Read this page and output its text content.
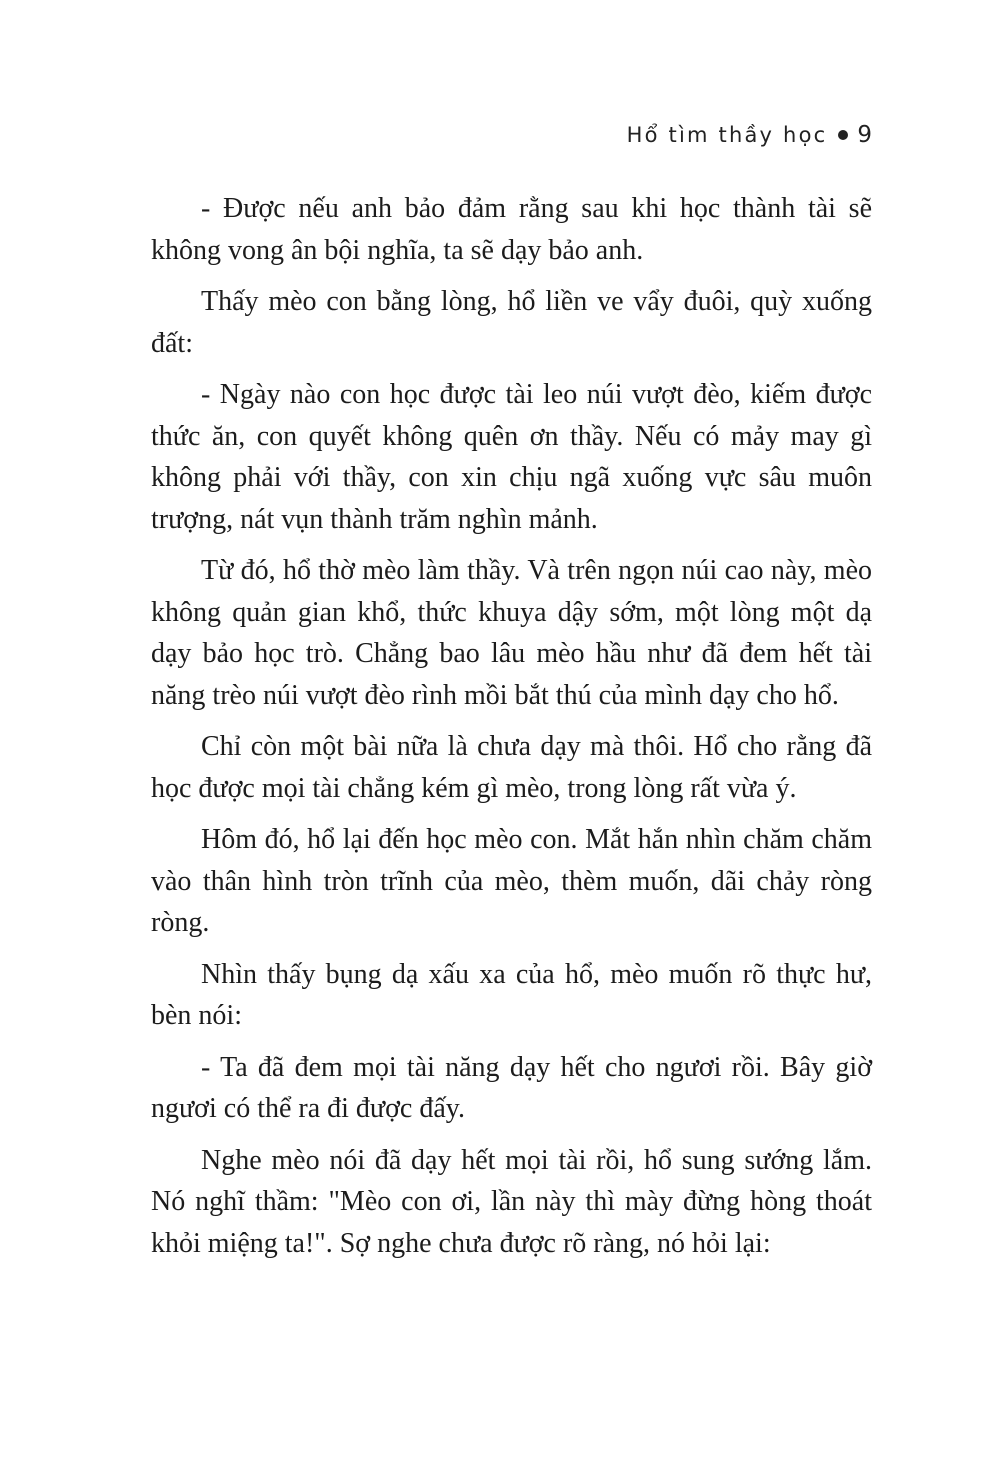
Hổ tìm thầy học 9

- Được nếu anh bảo đảm rằng sau khi học thành tài sẽ không vong ân bội nghĩa, ta sẽ dạy bảo anh.

Thấy mèo con bằng lòng, hổ liền ve vẩy đuôi, quỳ xuống đất:

- Ngày nào con học được tài leo núi vượt đèo, kiếm được thức ăn, con quyết không quên ơn thầy. Nếu có mảy may gì không phải với thầy, con xin chịu ngã xuống vực sâu muôn trượng, nát vụn thành trăm nghìn mảnh.

Từ đó, hổ thờ mèo làm thầy. Và trên ngọn núi cao này, mèo không quản gian khổ, thức khuya dậy sớm, một lòng một dạ dạy bảo học trò. Chẳng bao lâu mèo hầu như đã đem hết tài năng trèo núi vượt đèo rình mồi bắt thú của mình dạy cho hổ.

Chỉ còn một bài nữa là chưa dạy mà thôi. Hổ cho rằng đã học được mọi tài chẳng kém gì mèo, trong lòng rất vừa ý.

Hôm đó, hổ lại đến học mèo con. Mắt hắn nhìn chăm chăm vào thân hình tròn trĩnh của mèo, thèm muốn, dãi chảy ròng ròng.

Nhìn thấy bụng dạ xấu xa của hổ, mèo muốn rõ thực hư, bèn nói:

- Ta đã đem mọi tài năng dạy hết cho ngươi rồi. Bây giờ ngươi có thể ra đi được đấy.

Nghe mèo nói đã dạy hết mọi tài rồi, hổ sung sướng lắm. Nó nghĩ thầm: "Mèo con ơi, lần này thì mày đừng hòng thoát khỏi miệng ta!". Sợ nghe chưa được rõ ràng, nó hỏi lại:
